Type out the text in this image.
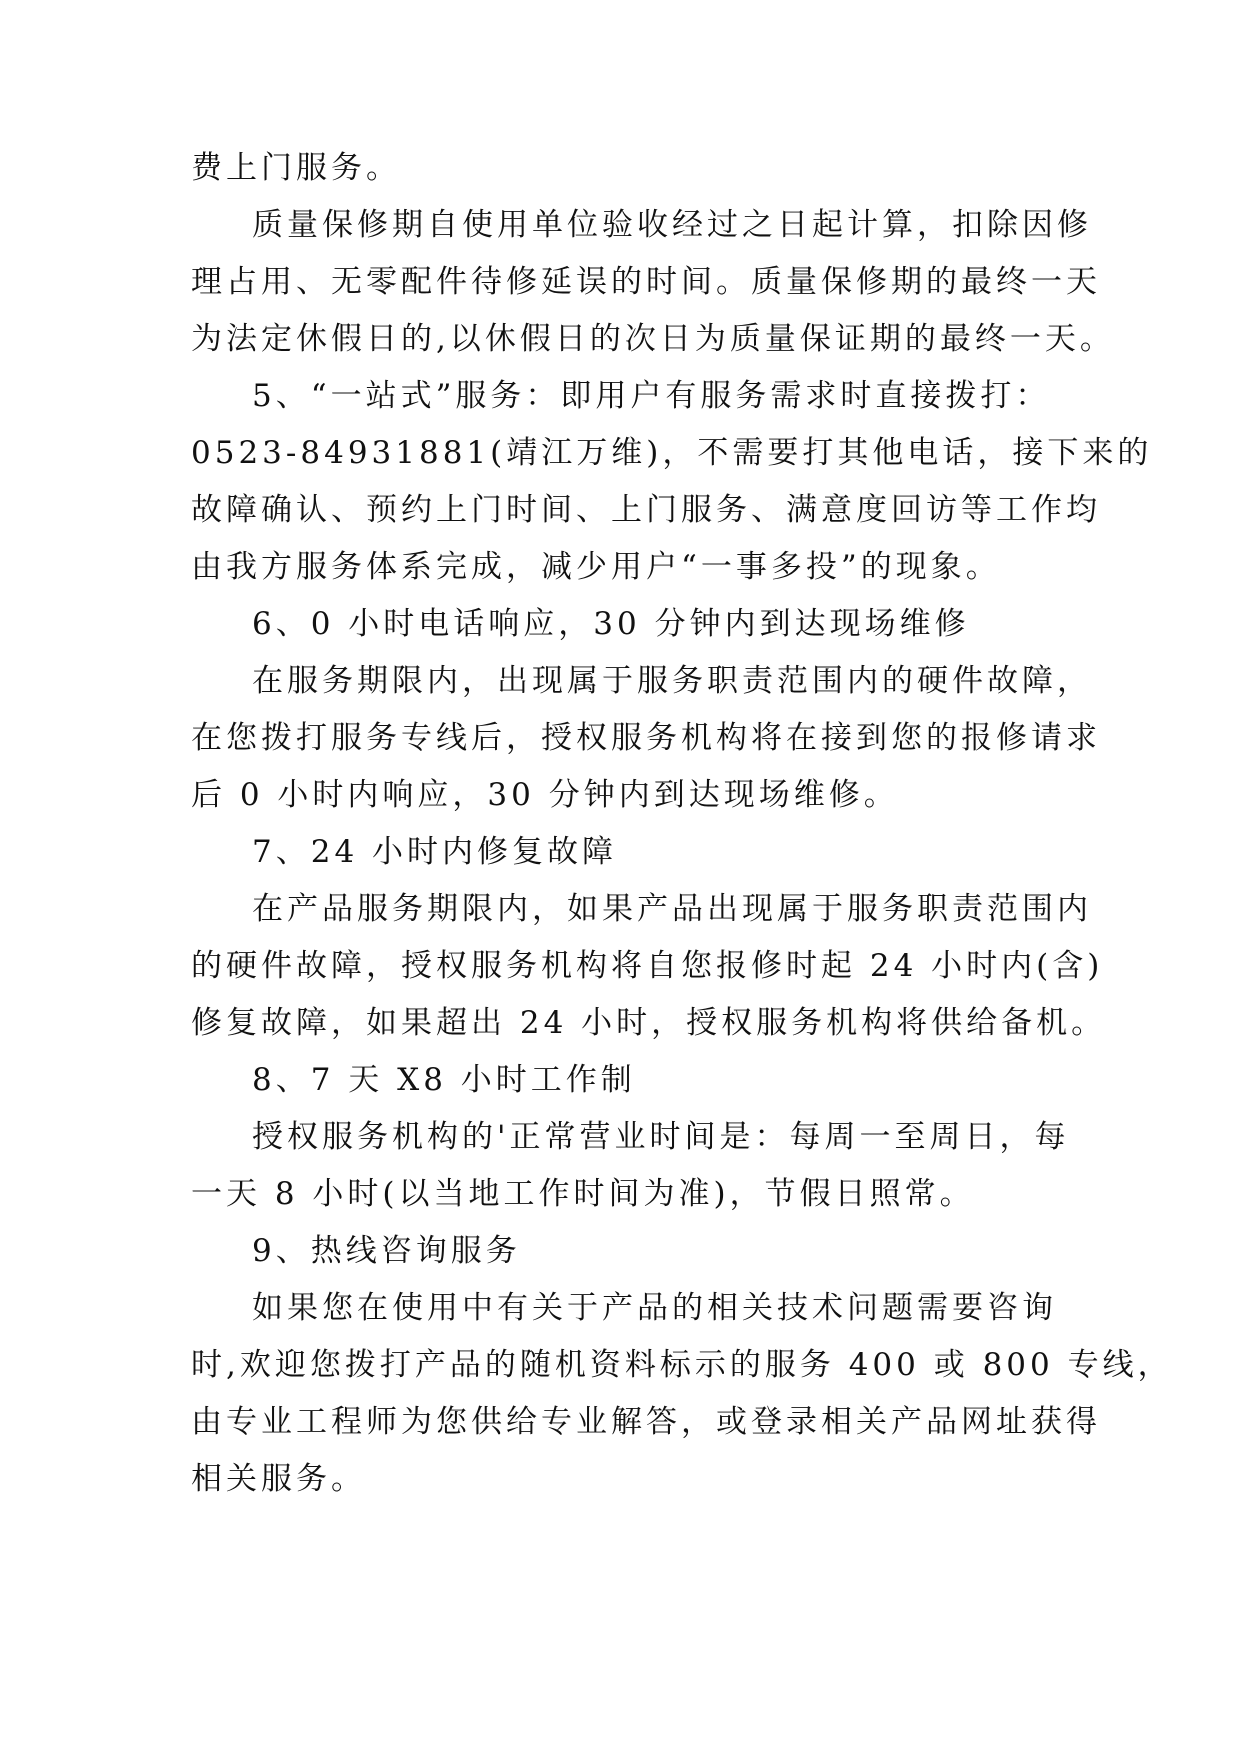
费上门服务。
质量保修期自使用单位验收经过之日起计算，扣除因修
理占用、无零配件待修延误的时间。质量保修期的最终一天
为法定休假日的,以休假日的次日为质量保证期的最终一天。
5、“一站式”服务：即用户有服务需求时直接拨打：
0523-84931881(靖江万维)，不需要打其他电话，接下来的
故障确认、预约上门时间、上门服务、满意度回访等工作均
由我方服务体系完成，减少用户“一事多投”的现象。
6、0 小时电话响应，30 分钟内到达现场维修
在服务期限内，出现属于服务职责范围内的硬件故障，
在您拨打服务专线后，授权服务机构将在接到您的报修请求
后 0 小时内响应，30 分钟内到达现场维修。
7、24 小时内修复故障
在产品服务期限内，如果产品出现属于服务职责范围内
的硬件故障，授权服务机构将自您报修时起 24 小时内(含)
修复故障，如果超出 24 小时，授权服务机构将供给备机。
8、7 天 X8 小时工作制
授权服务机构的'正常营业时间是：每周一至周日，每
一天 8 小时(以当地工作时间为准)，节假日照常。
9、热线咨询服务
如果您在使用中有关于产品的相关技术问题需要咨询
时,欢迎您拨打产品的随机资料标示的服务 400 或 800 专线，
由专业工程师为您供给专业解答，或登录相关产品网址获得
相关服务。
